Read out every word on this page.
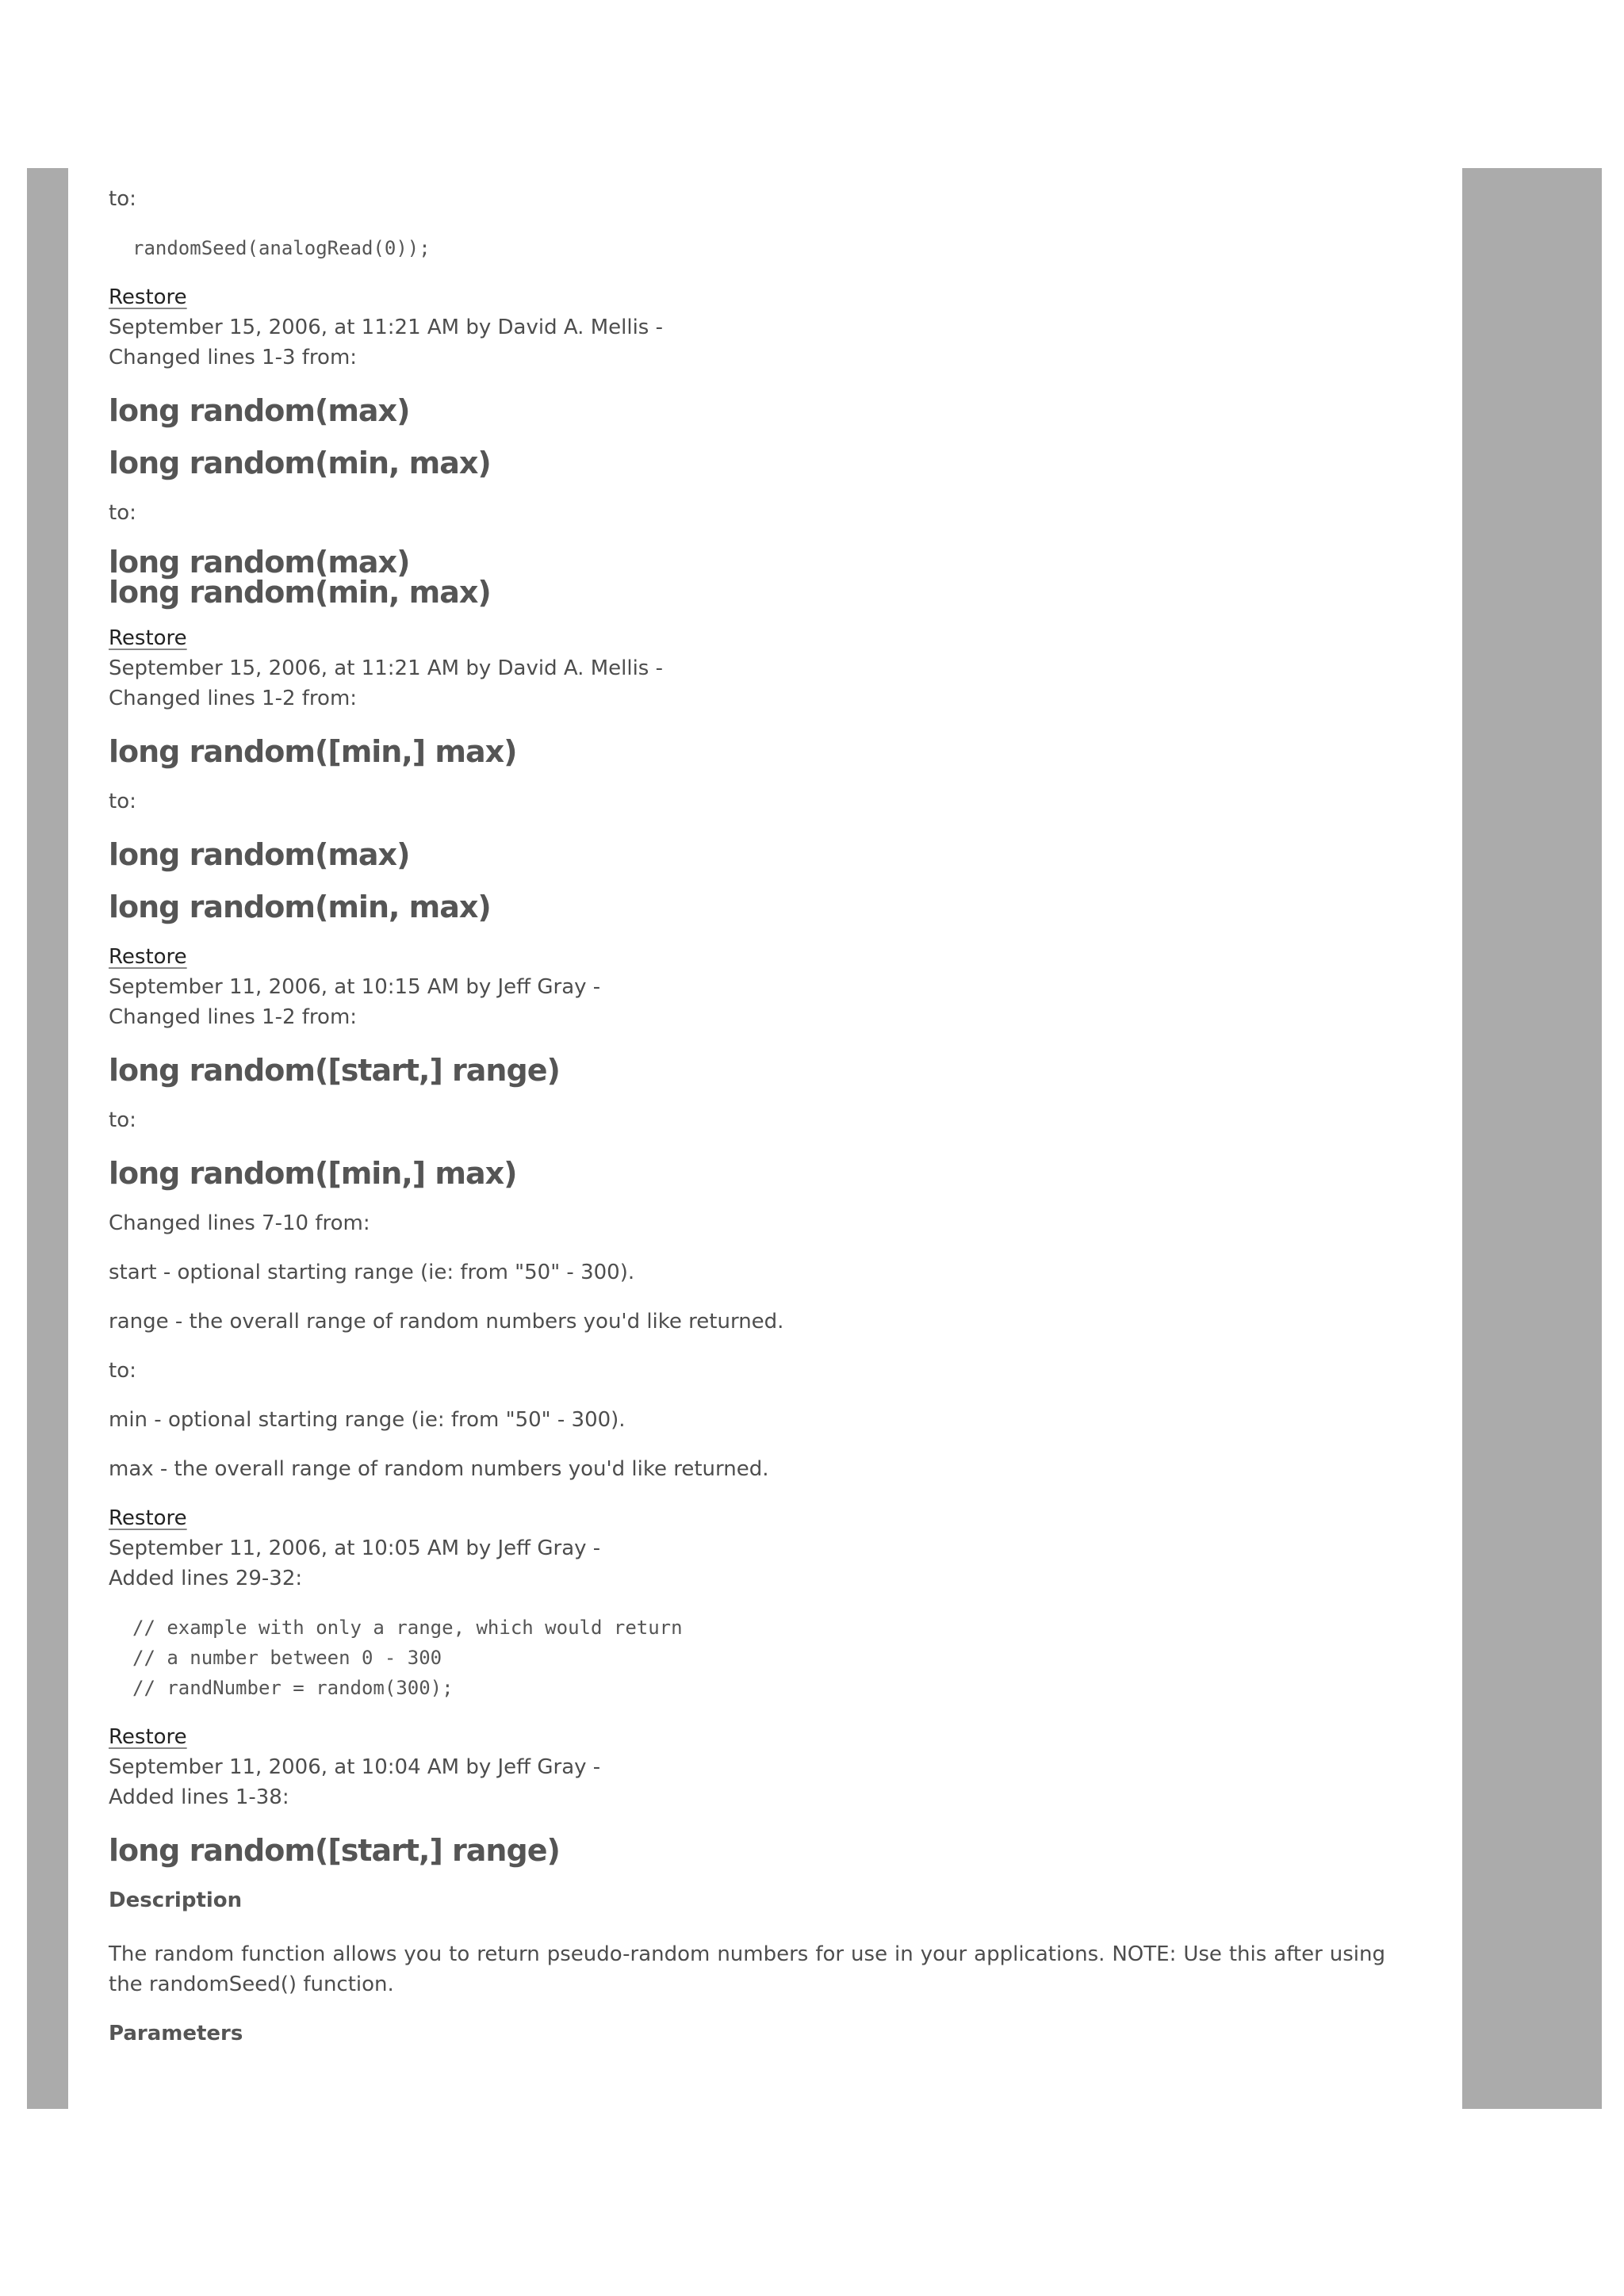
to:

randomSeed(analogRead(0));
Restore

September 15, 2006, at 11:21 AM by David A. Mellis -

Changed lines 1-3 from:

long random(max)
long random(min, max)

to:

long random(max)
long random(min, max)
Restore

September 15, 2006, at 11:21 AM by David A. Mellis -

Changed lines 1-2 from:

long random([min,] max)

to:

long random(max)
long random(min, max)
Restore

September 11, 2006, at 10:15 AM by Jeff Gray -

Changed lines 1-2 from:

long random([start,] range)

to:

long random([min,] max)

Changed lines 7-10 from:

start - optional starting range (ie: from "50" - 300).

range - the overall range of random numbers you'd like returned.

to:

min - optional starting range (ie: from "50" - 300).

max - the overall range of random numbers you'd like returned.

Restore

September 11, 2006, at 10:05 AM by Jeff Gray -

Added lines 29-32:

// example with only a range, which would return
// a number between 0 - 300
// randNumber = random(300);
Restore

September 11, 2006, at 10:04 AM by Jeff Gray -

Added lines 1-38:

long random([start,] range)
Description

The random function allows you to return pseudo-random numbers for use in your applications. NOTE: Use this after using the randomSeed() function.

Parameters
